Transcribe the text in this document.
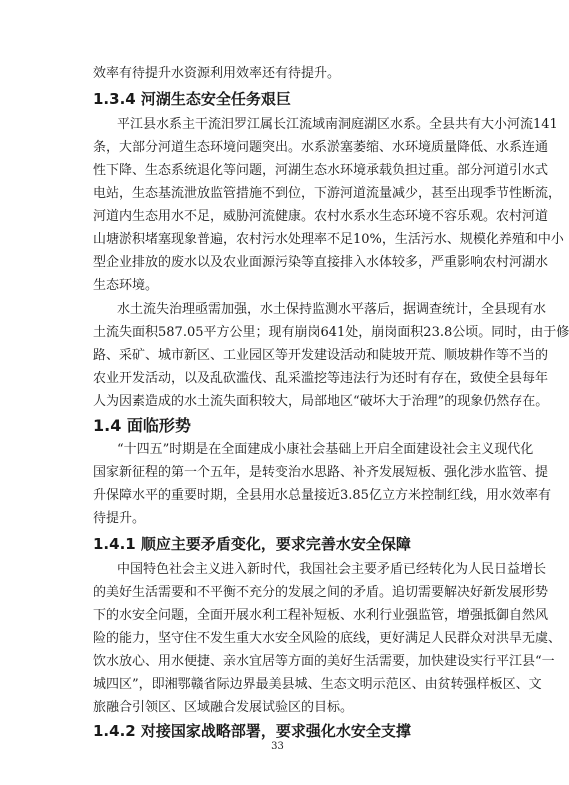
效率有待提升水资源利用效率还有待提升。
1.3.4 河湖生态安全任务艰巨
平江县水系主干流汨罗江属长江流域南洞庭湖区水系。全县共有大小河流141
条，大部分河道生态环境问题突出。水系淤塞萎缩、水环境质量降低、水系连通
性下降、生态系统退化等问题，河湖生态水环境承载负担过重。部分河道引水式
电站，生态基流泄放监管措施不到位，下游河道流量减少，甚至出现季节性断流，
河道内生态用水不足，威胁河流健康。农村水系水生态环境不容乐观。农村河道
山塘淤积堵塞现象普遍，农村污水处理率不足10%，生活污水、规模化养殖和中小
型企业排放的废水以及农业面源污染等直接排入水体较多，严重影响农村河湖水
生态环境。
水土流失治理亟需加强，水土保持监测水平落后，据调查统计，全县现有水
土流失面积587.05平方公里；现有崩岗641处，崩岗面积23.8公顷。同时，由于修
路、采矿、城市新区、工业园区等开发建设活动和陡坡开荒、顺坡耕作等不当的
农业开发活动，以及乱砍滥伐、乱采滥挖等违法行为还时有存在，致使全县每年
人为因素造成的水土流失面积较大，局部地区“破坏大于治理”的现象仍然存在。
1.4 面临形势
“十四五”时期是在全面建成小康社会基础上开启全面建设社会主义现代化
国家新征程的第一个五年，是转变治水思路、补齐发展短板、强化涉水监管、提
升保障水平的重要时期，全县用水总量接近3.85亿立方米控制红线，用水效率有
待提升。
1.4.1 顺应主要矛盾变化，要求完善水安全保障
中国特色社会主义进入新时代，我国社会主要矛盾已经转化为人民日益增长
的美好生活需要和不平衡不充分的发展之间的矛盾。追切需要解决好新发展形势
下的水安全问题，全面开展水利工程补短板、水利行业强监管，增强抵御自然风
险的能力，坚守住不发生重大水安全风险的底线，更好满足人民群众对洪旱无虞、
饮水放心、用水便捷、亲水宜居等方面的美好生活需要，加快建设实行平江县“一
城四区”，即湘鄂赣省际边界最美县城、生态文明示范区、由贫转强样板区、文
旅融合引领区、区域融合发展试验区的目标。
1.4.2 对接国家战略部署，要求强化水安全支撑
33
